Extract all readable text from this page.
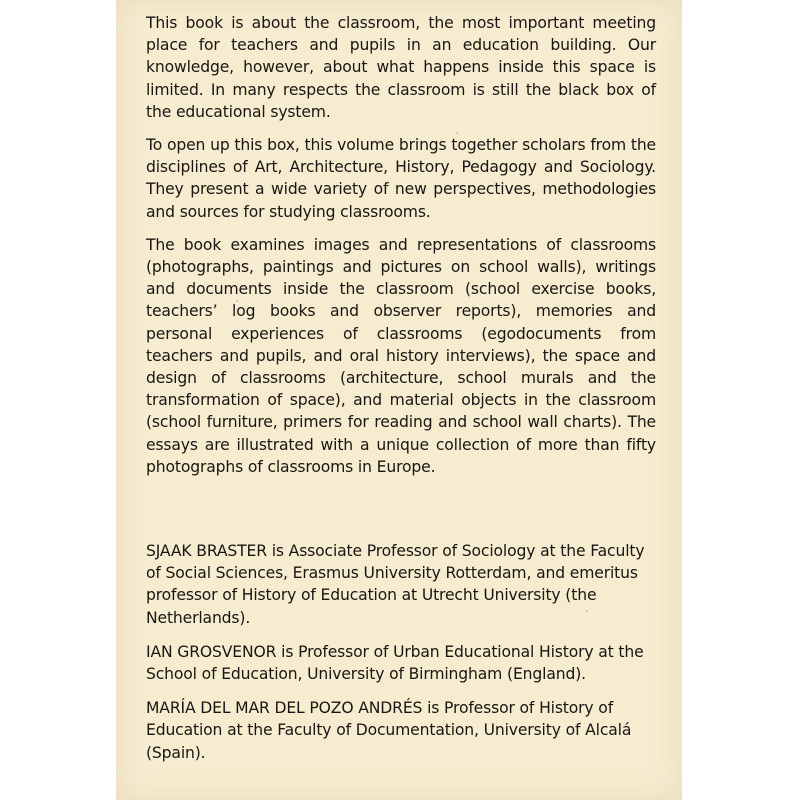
This book is about the classroom, the most important meeting place for teachers and pupils in an education building. Our knowledge, however, about what happens inside this space is limited. In many respects the classroom is still the black box of the educational system.

To open up this box, this volume brings together scholars from the disciplines of Art, Architecture, History, Pedagogy and Sociology. They present a wide variety of new perspectives, methodologies and sources for studying classrooms.

The book examines images and representations of classrooms (photographs, paintings and pictures on school walls), writings and documents inside the classroom (school exercise books, teachers’ log books and observer reports), memories and personal experiences of classrooms (egodocuments from teachers and pupils, and oral history interviews), the space and design of classrooms (architecture, school murals and the transformation of space), and material objects in the classroom (school furniture, primers for reading and school wall charts). The essays are illustrated with a unique collection of more than fifty photographs of classrooms in Europe.

SJAAK BRASTER is Associate Professor of Sociology at the Faculty of Social Sciences, Erasmus University Rotterdam, and emeritus professor of History of Education at Utrecht University (the Netherlands).

IAN GROSVENOR is Professor of Urban Educational History at the School of Education, University of Birmingham (England).

MARÍA DEL MAR DEL POZO ANDRÉS is Professor of History of Education at the Faculty of Documentation, University of Alcalá (Spain).
